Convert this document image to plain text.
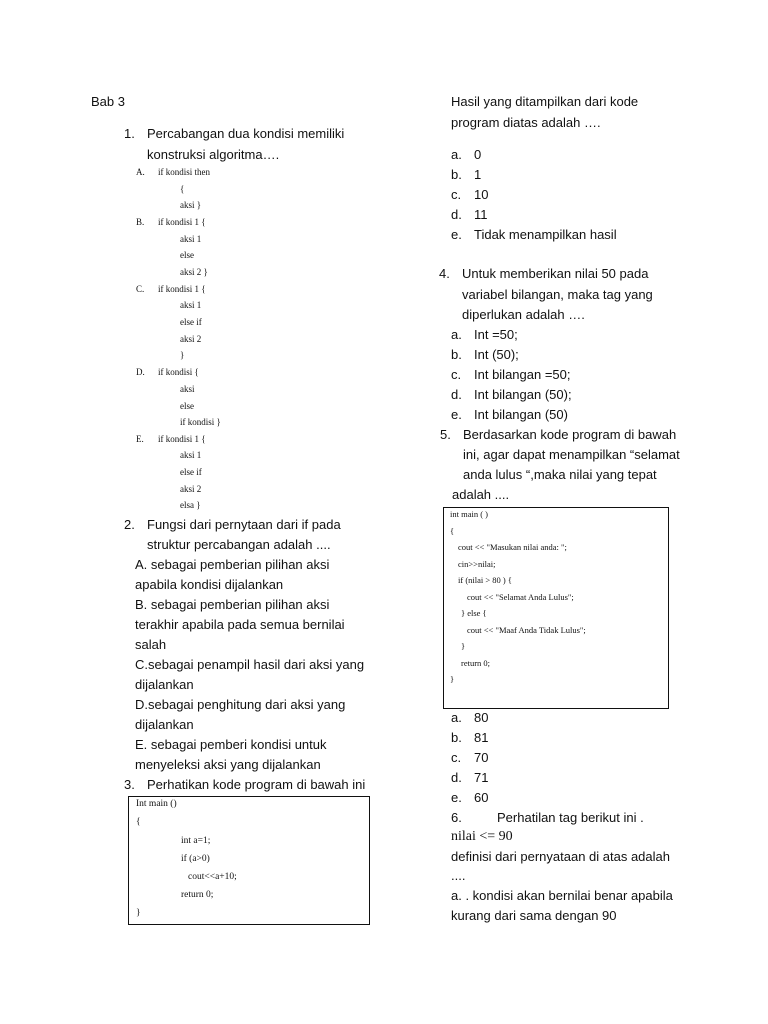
Bab 3
1. Percabangan dua kondisi memiliki
konstruksi algoritma….
A. if kondisi then
{
aksi }
B. if kondisi 1 {
aksi 1
else
aksi 2 }
C. if kondisi 1 {
aksi 1
else if
aksi 2
}
D. if kondisi {
aksi
else
if kondisi }
E. if kondisi 1 {
aksi 1
else if
aksi 2
elsa }
2. Fungsi dari pernytaan dari if pada
struktur percabangan adalah ....
A. sebagai pemberian pilihan aksi
apabila kondisi dijalankan
B. sebagai pemberian pilihan aksi
terakhir apabila pada semua bernilai
salah
C.sebagai penampil hasil dari aksi yang
dijalankan
D.sebagai penghitung dari aksi yang
dijalankan
E. sebagai pemberi kondisi untuk
menyeleksi aksi yang dijalankan
3. Perhatikan kode program di bawah ini
Int main ()
{
int a=1;
if (a>0)
cout<<a+10;
return 0;
}
Hasil yang ditampilkan dari kode
program diatas adalah ….
a. 0
b. 1
c. 10
d. 11
e. Tidak menampilkan hasil
4. Untuk memberikan nilai 50 pada
variabel bilangan, maka tag yang
diperlukan adalah ….
a. Int =50;
b. Int (50);
c. Int bilangan =50;
d. Int bilangan (50);
e. Int bilangan (50)
5. Berdasarkan kode program di bawah
ini, agar dapat menampilkan “selamat
anda lulus “,maka nilai yang tepat
adalah ....
int main ( )
{
cout << "Masukan nilai anda: ";
cin>>nilai;
if (nilai > 80 ) {
cout << "Selamat Anda Lulus";
} else {
cout << "Maaf Anda Tidak Lulus";
}
return 0;
}
a. 80
b. 81
c. 70
d. 71
e. 60
6.	Perhatilan tag berikut ini .
nilai <= 90
definisi dari pernyataan di atas adalah
....
a. . kondisi akan bernilai benar apabila
kurang dari sama dengan 90
